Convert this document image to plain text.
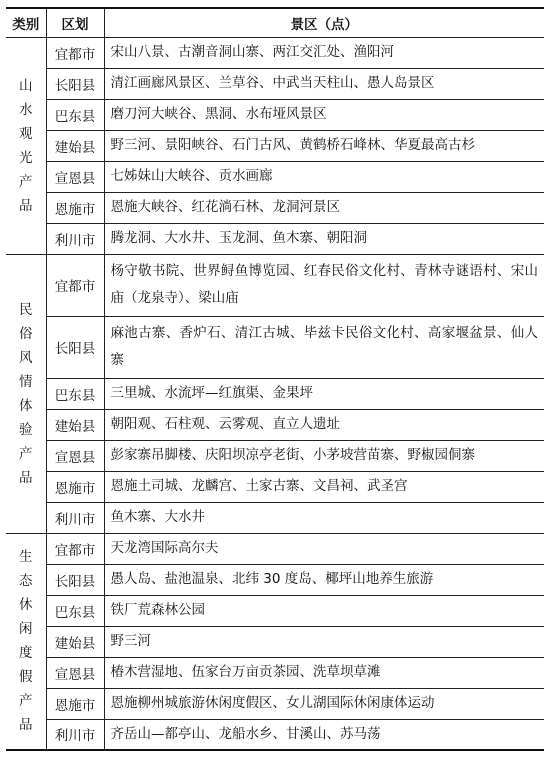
类别	区划	景区（点）

山水观光产品	宜都市	宋山八景、古潮音洞山寨、两江交汇处、渔阳河
	长阳县	清江画廊风景区、兰草谷、中武当天柱山、愚人岛景区
	巴东县	磨刀河大峡谷、黑洞、水布垭风景区
	建始县	野三河、景阳峡谷、石门古风、黄鹤桥石峰林、华夏最高古杉
	宣恩县	七姊妹山大峡谷、贡水画廊
	恩施市	恩施大峡谷、红花淌石林、龙洞河景区
	利川市	腾龙洞、大水井、玉龙洞、鱼木寨、朝阳洞

民俗风情体验产品	宜都市	杨守敬书院、世界鲟鱼博览园、红春民俗文化村、青林寺谜语村、宋山庙（龙泉寺）、梁山庙
	长阳县	麻池古寨、香炉石、清江古城、毕兹卡民俗文化村、高家堰盆景、仙人寨
	巴东县	三里城、水流坪—红旗渠、金果坪
	建始县	朝阳观、石柱观、云雾观、直立人遗址
	宣恩县	彭家寨吊脚楼、庆阳坝凉亭老街、小茅坡营苗寨、野椒园侗寨
	恩施市	恩施土司城、龙麟宫、土家古寨、文昌祠、武圣宫
	利川市	鱼木寨、大水井

生态休闲度假产品	宜都市	天龙湾国际高尔夫
	长阳县	愚人岛、盐池温泉、北纬 30 度岛、椰坪山地养生旅游
	巴东县	铁厂荒森林公园
	建始县	野三河
	宣恩县	椿木营湿地、伍家台万亩贡茶园、洗草坝草滩
	恩施市	恩施柳州城旅游休闲度假区、女儿湖国际休闲康体运动
	利川市	齐岳山—都亭山、龙船水乡、甘溪山、苏马荡
